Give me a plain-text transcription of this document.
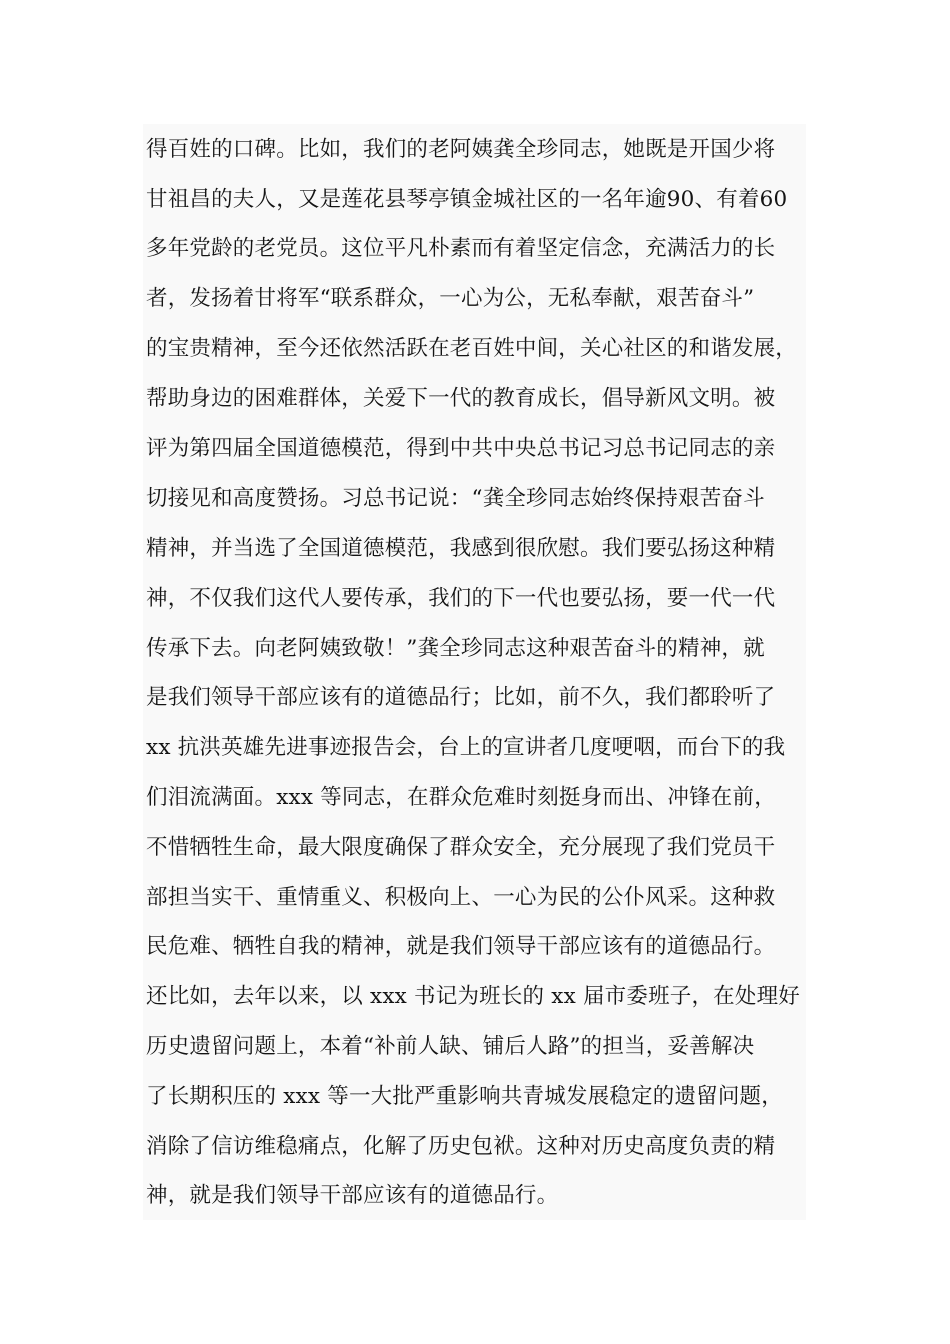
得百姓的口碑。比如，我们的老阿姨龚全珍同志，她既是开国少将
甘祖昌的夫人，又是莲花县琴亭镇金城社区的一名年逾90、有着60
多年党龄的老党员。这位平凡朴素而有着坚定信念，充满活力的长
者，发扬着甘将军“联系群众，一心为公，无私奉献，艰苦奋斗”
的宝贵精神，至今还依然活跃在老百姓中间，关心社区的和谐发展，
帮助身边的困难群体，关爱下一代的教育成长，倡导新风文明。被
评为第四届全国道德模范，得到中共中央总书记习总书记同志的亲
切接见和高度赞扬。习总书记说：“龚全珍同志始终保持艰苦奋斗
精神，并当选了全国道德模范，我感到很欣慰。我们要弘扬这种精
神，不仅我们这代人要传承，我们的下一代也要弘扬，要一代一代
传承下去。向老阿姨致敬！”龚全珍同志这种艰苦奋斗的精神，就
是我们领导干部应该有的道德品行；比如，前不久，我们都聆听了
xx 抗洪英雄先进事迹报告会，台上的宣讲者几度哽咽，而台下的我
们泪流满面。xxx 等同志，在群众危难时刻挺身而出、冲锋在前，
不惜牺牲生命，最大限度确保了群众安全，充分展现了我们党员干
部担当实干、重情重义、积极向上、一心为民的公仆风采。这种救
民危难、牺牲自我的精神，就是我们领导干部应该有的道德品行。
还比如，去年以来，以 xxx 书记为班长的 xx 届市委班子，在处理好
历史遗留问题上，本着“补前人缺、铺后人路”的担当，妥善解决
了长期积压的 xxx 等一大批严重影响共青城发展稳定的遗留问题，
消除了信访维稳痛点，化解了历史包袱。这种对历史高度负责的精
神，就是我们领导干部应该有的道德品行。
